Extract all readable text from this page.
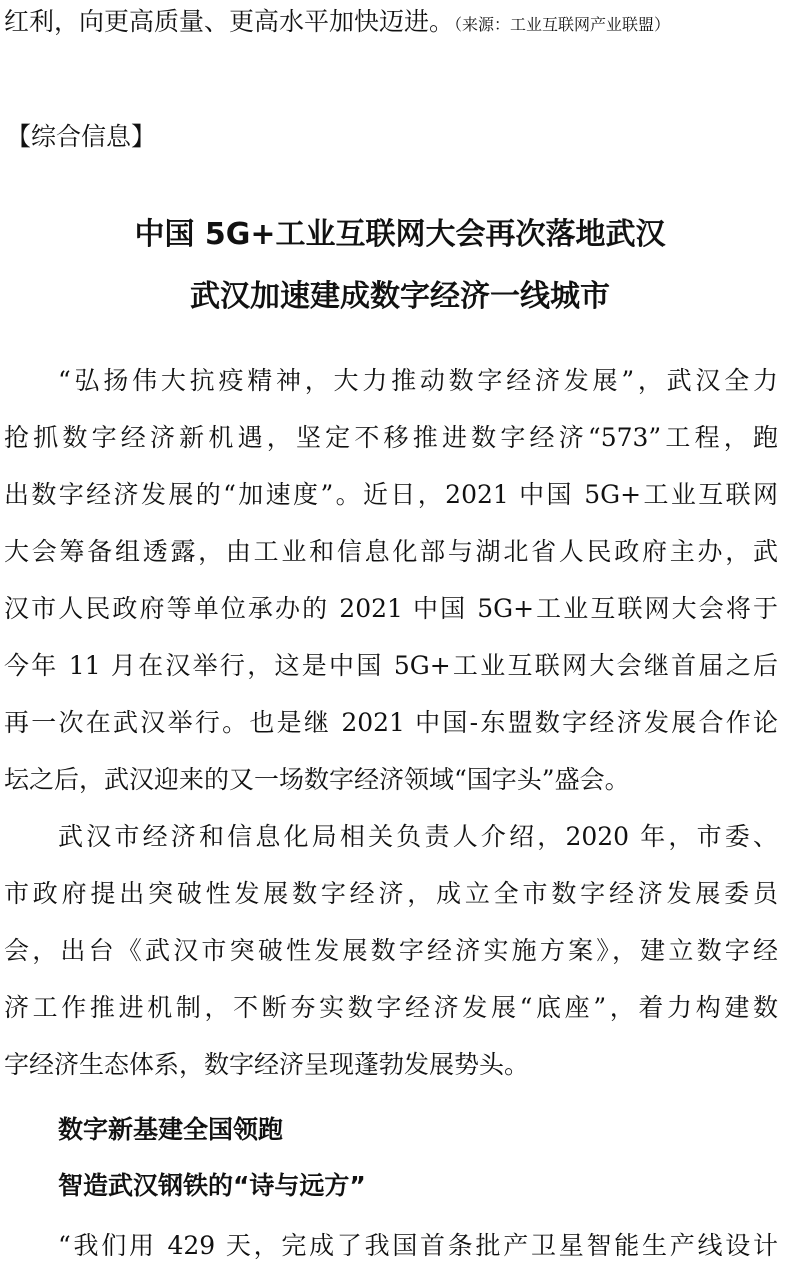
红利，向更高质量、更高水平加快迈进。（来源：工业互联网产业联盟）
【综合信息】
中国 5G+工业互联网大会再次落地武汉
武汉加速建成数字经济一线城市
“弘扬伟大抗疫精神，大力推动数字经济发展”，武汉全力
抢抓数字经济新机遇，坚定不移推进数字经济“573”工程，跑
出数字经济发展的“加速度”。近日，2021 中国 5G+工业互联网
大会筹备组透露，由工业和信息化部与湖北省人民政府主办，武
汉市人民政府等单位承办的 2021 中国 5G+工业互联网大会将于
今年 11 月在汉举行，这是中国 5G+工业互联网大会继首届之后
再一次在武汉举行。也是继 2021 中国-东盟数字经济发展合作论
坛之后，武汉迎来的又一场数字经济领域“国字头”盛会。
武汉市经济和信息化局相关负责人介绍，2020 年，市委、
市政府提出突破性发展数字经济，成立全市数字经济发展委员
会，出台《武汉市突破性发展数字经济实施方案》，建立数字经
济工作推进机制，不断夯实数字经济发展“底座”，着力构建数
字经济生态体系，数字经济呈现蓬勃发展势头。
数字新基建全国领跑
智造武汉钢铁的“诗与远方”
“我们用 429 天，完成了我国首条批产卫星智能生产线设计
